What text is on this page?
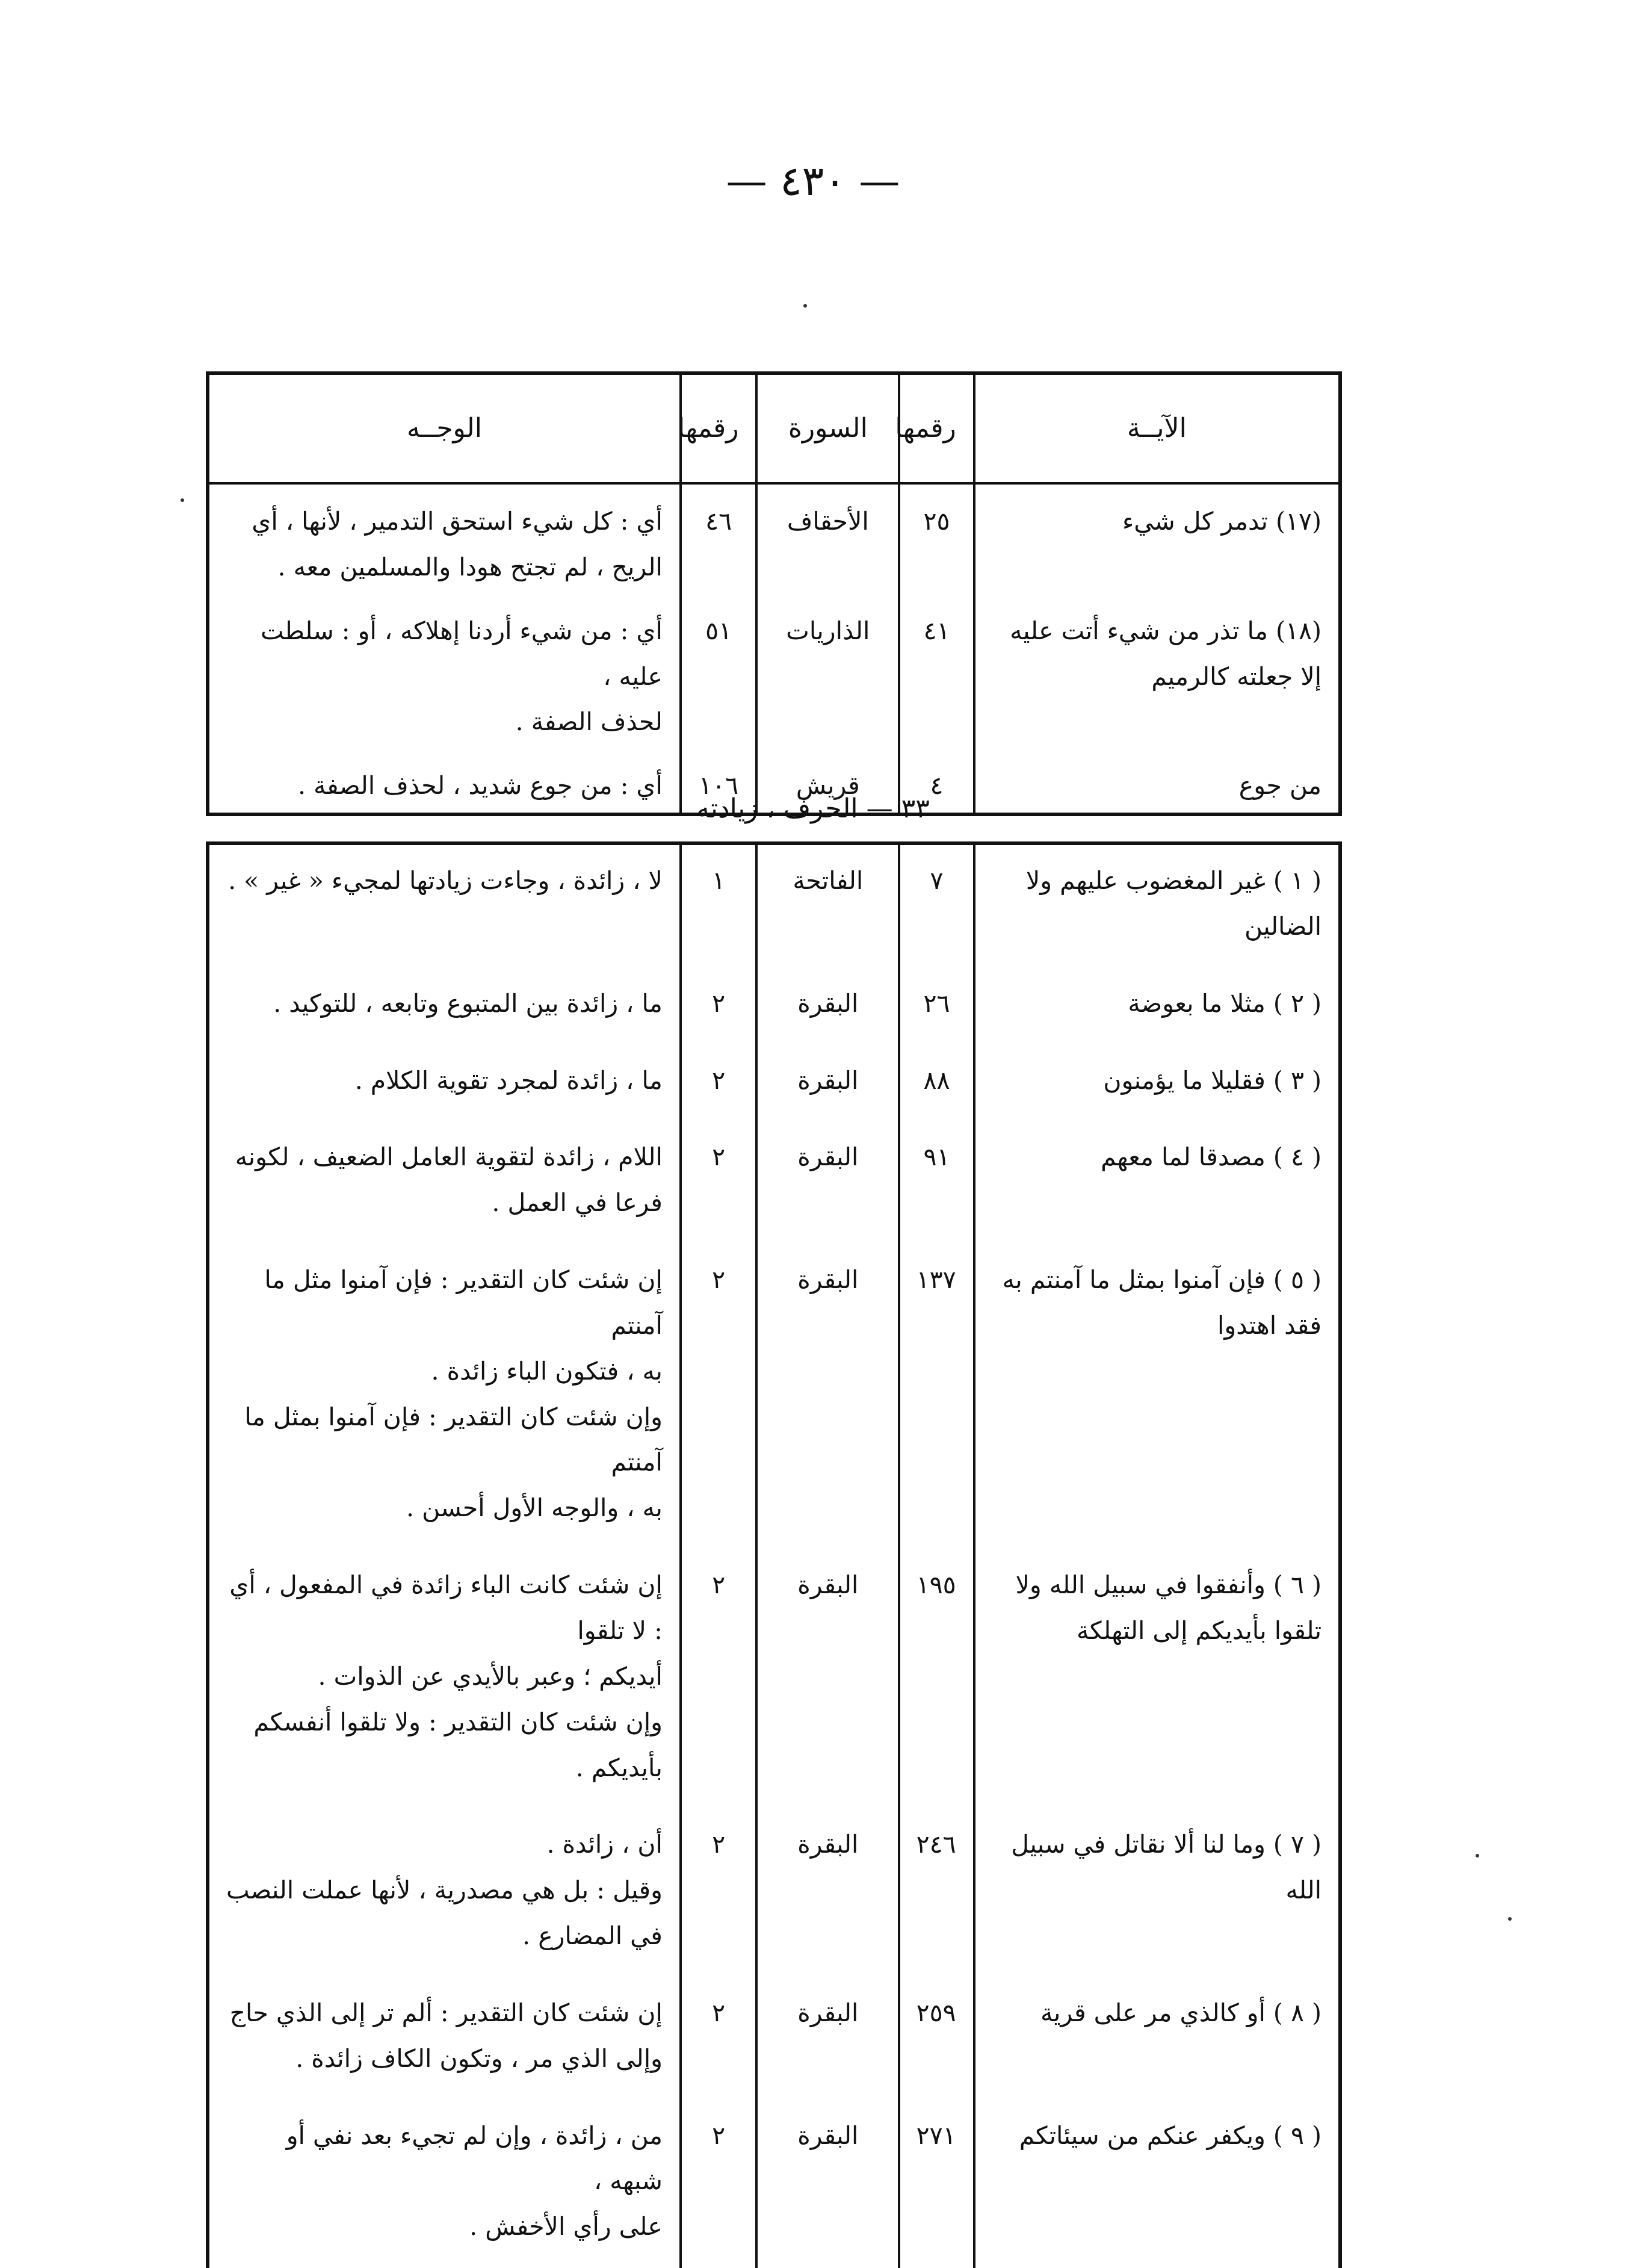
— ٤٣٠ —
الآيــة	رقمها	السورة	رقمها	الوجــه
(١٧) تدمر كل شيء	٢٥	الأحقاف	٤٦	أي : كل شيء استحق التدمير ، لأنها ، أي
الريح ، لم تجتح هودا والمسلمين معه .

(١٨) ما تذر من شيء أتت عليه إلا جعلته كالرميم	٤١	الذاريات	٥١	أي : من شيء أردنا إهلاكه ، أو : سلطت عليه ،
لحذف الصفة .

من جوع	٤	قريش	١٠٦	أي : من جوع شديد ، لحذف الصفة .
٣٣ — الحرف ، زيادته
( ١ ) غير المغضوب عليهم ولا الضالين	٧	الفاتحة	١	لا ، زائدة ، وجاءت زيادتها لمجيء « غير » .

( ٢ ) مثلا ما بعوضة	٢٦	البقرة	٢	ما ، زائدة بين المتبوع وتابعه ، للتوكيد .

( ٣ ) فقليلا ما يؤمنون	٨٨	البقرة	٢	ما ، زائدة لمجرد تقوية الكلام .

( ٤ ) مصدقا لما معهم	٩١	البقرة	٢	اللام ، زائدة لتقوية العامل الضعيف ، لكونه
فرعا في العمل .

( ٥ ) فإن آمنوا بمثل ما آمنتم به فقد اهتدوا	١٣٧	البقرة	٢	إن شئت كان التقدير : فإن آمنوا مثل ما آمنتم
به ، فتكون الباء زائدة .
وإن شئت كان التقدير : فإن آمنوا بمثل ما آمنتم
به ، والوجه الأول أحسن .

( ٦ ) وأنفقوا في سبيل الله ولا تلقوا بأيديكم إلى التهلكة	١٩٥	البقرة	٢	إن شئت كانت الباء زائدة في المفعول ، أي : لا تلقوا
أيديكم ؛ وعبر بالأيدي عن الذوات .
وإن شئت كان التقدير : ولا تلقوا أنفسكم
بأيديكم .

( ٧ ) وما لنا ألا نقاتل في سبيل الله	٢٤٦	البقرة	٢	أن ، زائدة .
وقيل : بل هي مصدرية ، لأنها عملت النصب
في المضارع .

( ٨ ) أو كالذي مر على قرية	٢٥٩	البقرة	٢	إن شئت كان التقدير : ألم تر إلى الذي حاج
وإلى الذي مر ، وتكون الكاف زائدة .

( ٩ ) ويكفر عنكم من سيئاتكم	٢٧١	البقرة	٢	من ، زائدة ، وإن لم تجيء بعد نفي أو شبهه ،
على رأي الأخفش .
